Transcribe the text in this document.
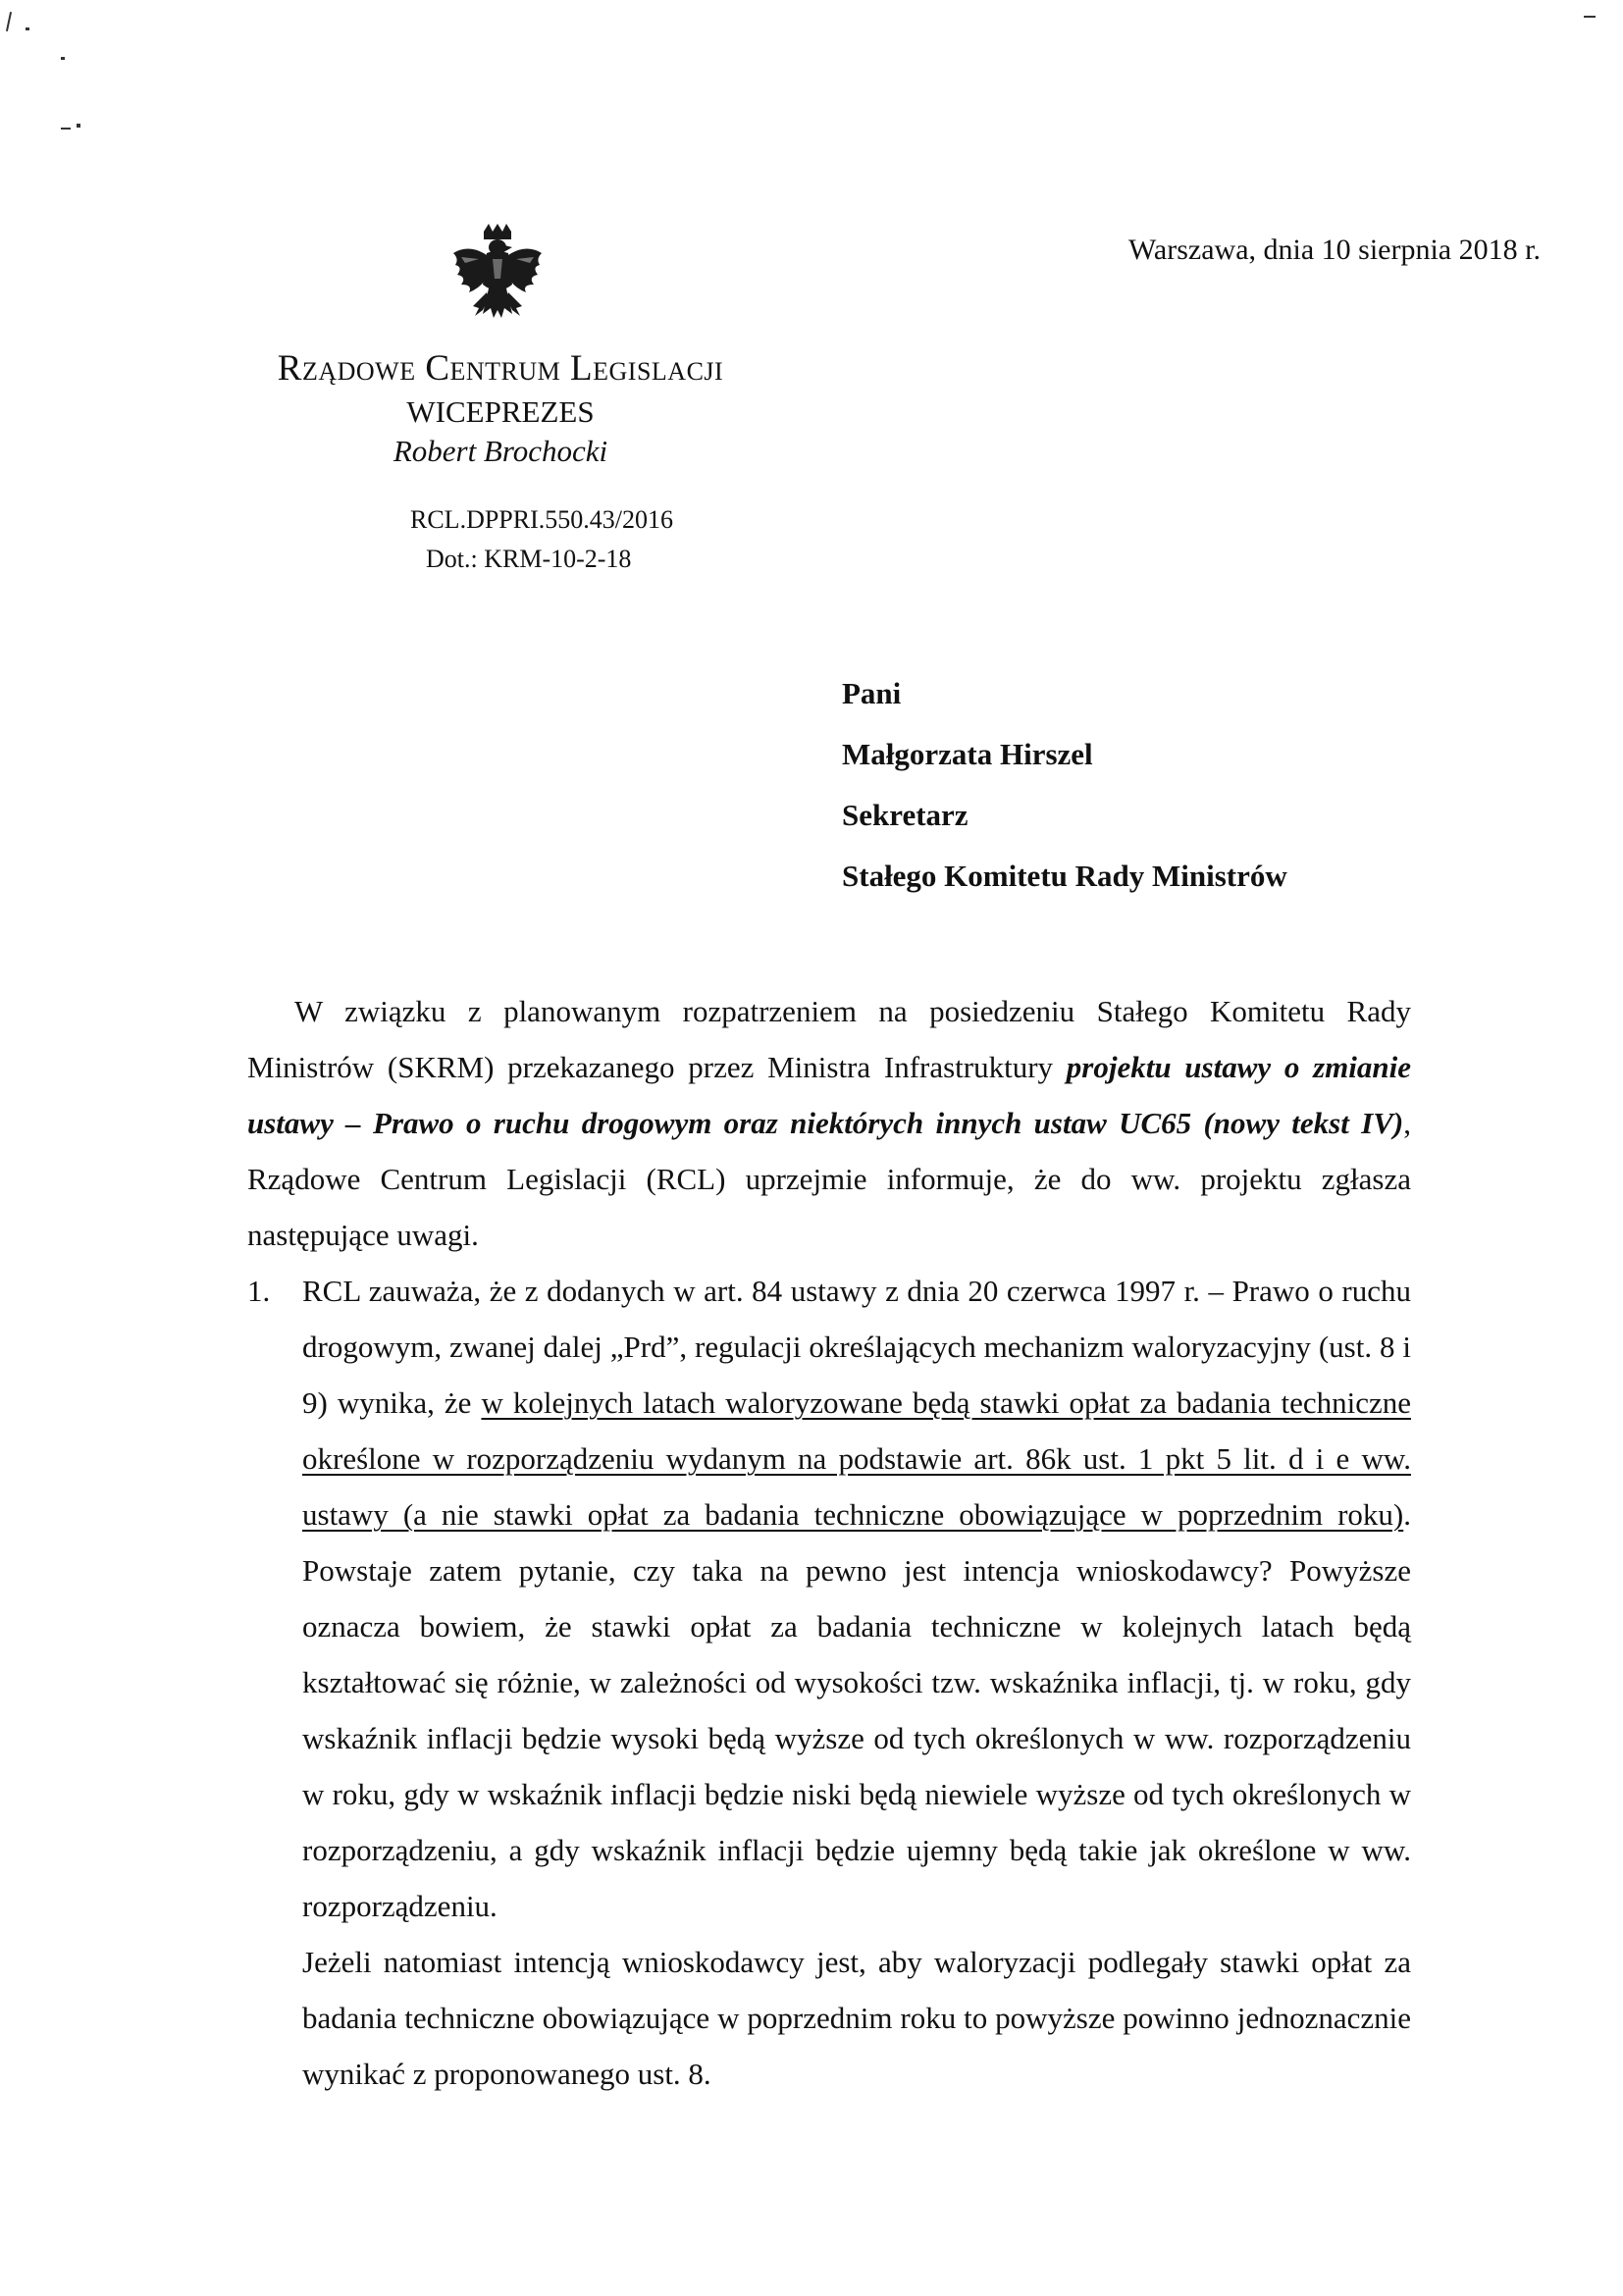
Warszawa, dnia 10 sierpnia 2018 r.
Rządowe Centrum Legislacji
WICEPREZES
Robert Brochocki
RCL.DPPRI.550.43/2016
Dot.: KRM-10-2-18
Pani
Małgorzata Hirszel
Sekretarz
Stałego Komitetu Rady Ministrów

W związku z planowanym rozpatrzeniem na posiedzeniu Stałego Komitetu Rady Ministrów (SKRM) przekazanego przez Ministra Infrastruktury projektu ustawy o zmianie ustawy – Prawo o ruchu drogowym oraz niektórych innych ustaw UC65 (nowy tekst IV), Rządowe Centrum Legislacji (RCL) uprzejmie informuje, że do ww. projektu zgłasza następujące uwagi.

1. RCL zauważa, że z dodanych w art. 84 ustawy z dnia 20 czerwca 1997 r. – Prawo o ruchu drogowym, zwanej dalej „Prd”, regulacji określających mechanizm waloryzacyjny (ust. 8 i 9) wynika, że w kolejnych latach waloryzowane będą stawki opłat za badania techniczne określone w rozporządzeniu wydanym na podstawie art. 86k ust. 1 pkt 5 lit. d i e ww. ustawy (a nie stawki opłat za badania techniczne obowiązujące w poprzednim roku). Powstaje zatem pytanie, czy taka na pewno jest intencja wnioskodawcy? Powyższe oznacza bowiem, że stawki opłat za badania techniczne w kolejnych latach będą kształtować się różnie, w zależności od wysokości tzw. wskaźnika inflacji, tj. w roku, gdy wskaźnik inflacji będzie wysoki będą wyższe od tych określonych w ww. rozporządzeniu w roku, gdy w wskaźnik inflacji będzie niski będą niewiele wyższe od tych określonych w rozporządzeniu, a gdy wskaźnik inflacji będzie ujemny będą takie jak określone w ww. rozporządzeniu.

Jeżeli natomiast intencją wnioskodawcy jest, aby waloryzacji podlegały stawki opłat za badania techniczne obowiązujące w poprzednim roku to powyższe powinno jednoznacznie wynikać z proponowanego ust. 8.
